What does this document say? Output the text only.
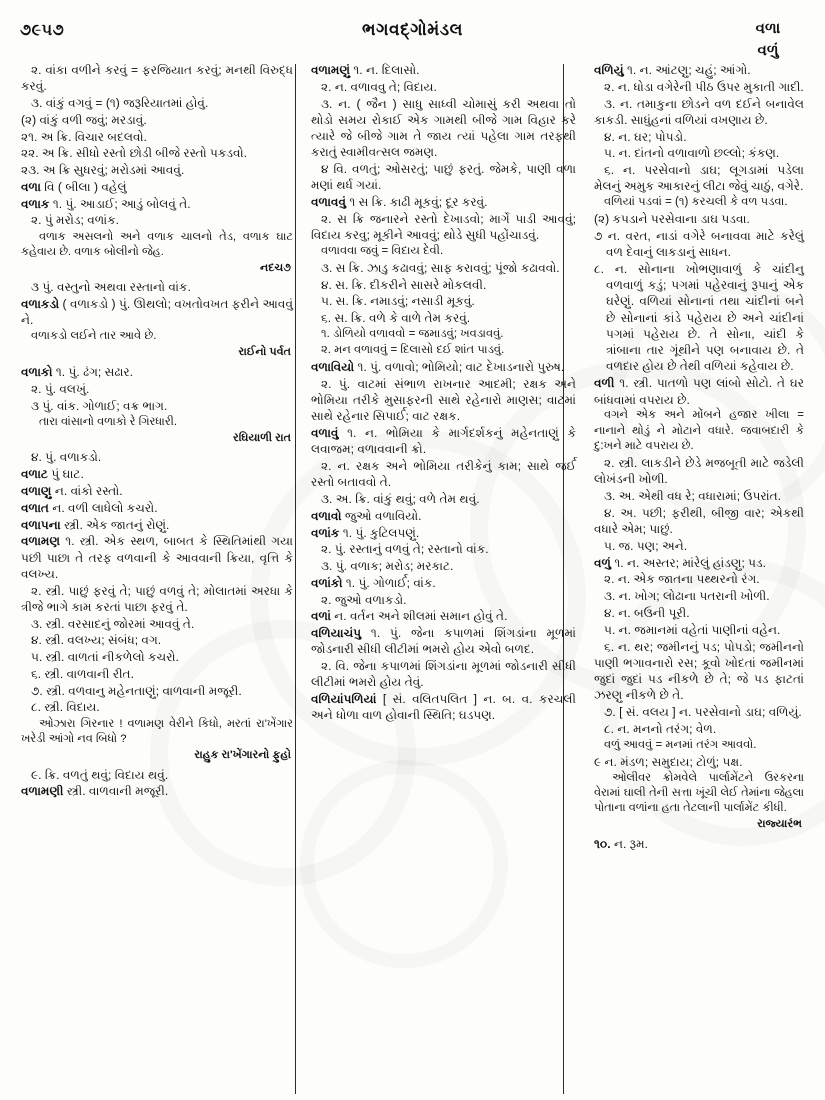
૭૯૫૭	ભગવદ્ગોમંડલ	વળા
વળું

૨. વાંકા વળીને કરવું = ફરજિયાત કરવું; મનથી વિરુદ્ધ કરવું.

૩. વાંકું વગવું = (૧) જરૂરિયાતમાં હોવું.

(૨) વાંકું વળી જવું; મરડાવું.

૨૧. અ ક્રિ. વિચાર બદલવો.

૨૨. અ ક્રિ. સીધો રસ્તો છોડી બીજે રસ્તો પકડવો.

૨૩. અ ક્રિ સુધરવું; મરોડમાં આવવું.

વળા વિ ( બીલા ) વહેલું

વળાક ૧. પું. આડાઈ; આડું બોલવું તે.

૨. પું મરોડ; વળાંક.

વળાક અસલનો અને વળાક ચાલનો તેડ, વળાક ઘાટ કહેવાય છે. વળાક બોલીનો જેહ.

નદચ૭

૩ પું. વસ્તુનો અથવા રસ્તાનો વાંક.

વળાકડો ( વળાકડો ) પું. ઊથલો; વખતોવખત ફરીને આવવું ને.

વળાકડો લઈને તાર આવે છે.

રાઈનો પર્વત

વળાકો ૧. પું. ઢંગ; સઢાર.

૨. પું. વલખું.

૩ પું. વાંક. ગોળાઈ; વક્ર ભાગ.

તારા વાંસાનો વળાકો રે ગિરધારી.

રઘિયાળી રાત

૪. પું. વળાકડો.

વળાટ પું ઘાટ.

વળાણુ ન. વાંકો રસ્તો.

વળાત ન. વળી લાધેલો કચરો.

વળાપના સ્ત્રી. એક જાતનું રોણું.

વળામણ ૧. સ્ત્રી. એક સ્થળ, બાબત કે સ્થિતિમાંથી ગયા પછી પાછા તે તરફ વળવાની કે આવવાની ક્રિયા, વૃત્તિ કે વલખ્ય.

૨. સ્ત્રી. પાછું ફરવું તે; પાછું વળવું તે; મોલાતમાં અરધા કે ત્રીજે ભાગે કામ કરતાં પાછા ફરવું તે.

૩. સ્ત્રી. વરસાદનું જોરમાં આવવું તે.

૪. સ્ત્રી. વલખ્ય; સંબંધ; વગ.

૫. સ્ત્રી. વાળતાં નીકળેલો કચરો.

૬. સ્ત્રી. વાળવાની રીત.

૭. સ્ત્રી. વળવાનુ મહેનતાણું; વાળવાની મજૂરી.

૮. સ્ત્રી. વિદાય.

ઓઝારા ગિરનાર ! વળામણ વેરીને કિધો, મરતાં રા'ખેંગાર ખરેડી આંગો નવ બિધો ?

રાહુક રા'ખેંગારનો ફુહો

૯. ક્રિ. વળતું થવું; વિદાય થવું.

વળામણી સ્ત્રી. વાળવાની મજૂરી.

વળામણું ૧. ન. દિલાસો.

૨. ન. વળાવવુ તે; વિદાય.

૩. ન. ( જૈન ) સાધુ સાધ્વી ચોમાસું કરી અથવા તો થોડો સમય રોકાઈ એક ગામથી બીજે ગામ વિહાર કરે ત્યારે જે બીજે ગામ તે જાય ત્યાં પહેલા ગામ તરફથી કરાતું સ્વામીવત્સલ જમણ.

૪ વિ. વળતું; ઓસરતું; પાછું ફરતું. જેમકે, પાણી વળા મણાં થર્ધ ગયાં.

વળાવવું ૧ સ ક્રિ. કાઢી મૂકવું; દૂર કરવું.

૨. સ ક્રિ જનારને રસ્તો દેખાડવો; માર્ગે પાડી આવવું; વિદાય કરવુ; મૂકીને આવવું; થોડે સુધી પહોંચાડવું.

વળાવવા જવું = વિદાય દેવી.

૩. સ ક્રિ. ઝાડુ કઢાવવું; સાફ કરાવવું; પૂંજો કઢાવવો.

૪. સ. ક્રિ. દીકરીને સાસરે મોકલવી.

૫. સ. ક્રિ. નમાડવું; નસાડી મૂકવું.

૬. સ. ક્રિ. વળે કે વાળે તેમ કરવું.

૧. ડોળિયો વળાવવો = જમાડવું; ખવડાવવું.

૨. મન વળાવવું = દિલાસો દઈ શાંત પાડવું.

વળાવિયો ૧. પું. વળાવો; ભોમિયો; વાટ દેખાડનારો પુરુષ.

૨. પું. વાટમાં સંભાળ રાખનાર આદમી; રક્ષક અને ભોમિયા તરીકે મુસાફરની સાથે રહેનારો માણસ; વાટમાં સાથે રહેનાર સિપાર્ઈ; વાટ રક્ષક.

વળાવું ૧. ન. ભોમિયા કે માર્ગદર્શકનું મહેનતાણું કે લવાજમ; વળાવવાની ક્રો.

૨. ન. રક્ષક અને ભોમિયા તરીકેનું કામ; સાથે જર્ઈ રસ્તો બતાવવો તે.

૩. અ. ક્રિ. વાંકું થવું; વળે તેમ થવું.

વળાવો જુઓ વળાવિયો.

વળાંક ૧. પું. કુટિલપણું.

૨. પું. રસ્તાનું વળવું તે; રસ્તાનો વાંક.

૩. પું. વળાક; મરોડ; મરકાટ.

વળાંકો ૧. પું. ગોળાર્ઈ; વાંક.

૨. જુઓ વળાકડો.

વળાં ન. વર્તન અને શીલમાં સમાન હોવું તે.

વળિયાચંપુ ૧. પું. જેના કપાળમાં શિંગડાંના મૂળમાં જોડનારી સીધી લીટીમાં ભમરો હોય એવો બળદ.

૨. વિ. જેના કપાળમાં શિંગડાંના મૂળમાં જોડનારી સીધી લીટીમાં ભમરો હોય તેવું.

વળિયાંપળિયાં [ સં. વલિતપલિત ] ન. બ. વ. કરચલી અને ધોળા વાળ હોવાની સ્થિતિ; ઘડપણ.

વળિયું ૧. ન. આંટણુ; ચહું; આંગો.

૨. ન. ધોડા વગેરેની પીઠ ઉપર મુકાતી ગાદી.

૩. ન. તમાકુના છોડને વળ દઈને બનાવેલ કાકડી. સાધુંહનાં વળિયાં વખણાય છે.

૪. ન. ઘર; પોપડો.

૫. ન. દાંતનો વળાવાળો છલ્લો; કંકણ.

૬. ન. પરસેવાનો ડાઘ; લૂગડામાં પડેલા મેલનું અમુક આકારનું લીટા જેવું ચાઠું, વગેરે.

વળિયાં પડવાં = (૧) કરચલી કે વળ પડવા.

(૨) કપડાને પરસેવાના ડાઘ પડવા.

૭ ન. વરત, નાડાં વગેરે બનાવવા માટે કરેલું વળ દેવાનું લાકડાનું સાધન.

૮. ન. સોનાના ખોભણાવાળું કે ચાંદીનુ વળવાળું કડું; પગમાં પહેરવાનું રૂપાનું એક ઘરેણું. વળિયાં સોનાનાં તથા ચાંદીનાં બને છે સોનાનાં કાંડે પહેરાય છે અને ચાંદીનાં પગમાં પહેરાય છે. તે સોના, ચાંદી કે ત્રાંબાના તાર ગૂંથીને પણ બનાવાય છે. તે વળદાર હોય છે તેથી વળિયાં કહેવાય છે.

વળી ૧. સ્ત્રી. પાતળો પણ લાંબો સોટો. તે ઘર બાંધવામાં વપરાય છે.

વગને એક અને મોંબને હજાર ખીલા = નાનાને થોડું ને મોટાને વધારે. જવાબદારી કે દુ:ખને માટે વપરાય છે.

૨. સ્ત્રી. લાકડીને છેડે મજબૂતી માટે જડેલી લોખંડની ખોળી.

૩. અ. એથી વધ રે; વધારામાં; ઉપરાંત.

૪. અ. પછી; ફરીથી, બીજી વાર; એકથી વધારે એમ; પાછું.

૫. જ. પણ; અને.

વળું ૧. ન. અસ્તર; માંરેલું હાંડણુ; પડ.

૨. ન. એક જાતના પથ્થરનો રંગ.

૩. ન. ખોગ; લોઢાના પતરાની ખોળી.

૪. ન. બઉની પૂરી.

૫. ન. જમાનમાં વહેતાં પાણીનાં વહેન.

૬. ન. થર; જમીનનું પડ; પોપડો; જમીનનો પાણી ભગાવનારો રસ; કૂવો ખોદતાં જમીનમાં જુદાં જુદાં પડ નીકળે છે તે; જે પડ ફાટતાં ઝરણુ નીકળે છે તે.

૭. [ સં. વલય ] ન. પરસેવાનો ડાઘ; વળિયું.

૮. ન. મનનો તરંગ; વેળ.

વળું આવવું = મનમાં તરંગ આવવો.

૯ ન. મંડળ; સમુદાય; ટોળું; પક્ષ.

ઓલીવર ક્રોમવેલે પાર્લામેંટને ઉરકરના વેરામાં ઘાલી તેની સત્તા ખૂંચી લેઈ તેમાંના જેહલા પોતાના વળાંના હતા તેટલાની પાર્લામેંટ કીધી.

રાજ્યારંભ

૧૦. ન. રૂમ.
